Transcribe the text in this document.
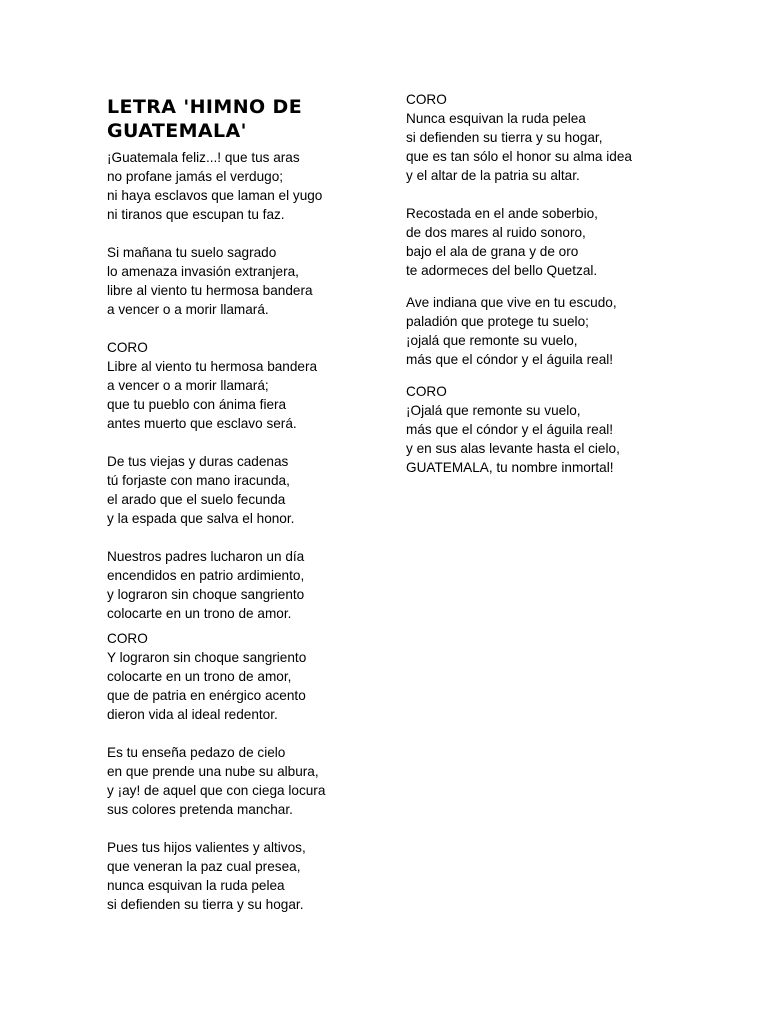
LETRA 'HIMNO DE GUATEMALA'
¡Guatemala feliz...! que tus aras
no profane jamás el verdugo;
ni haya esclavos que laman el yugo
ni tiranos que escupan tu faz.
Si mañana tu suelo sagrado
lo amenaza invasión extranjera,
libre al viento tu hermosa bandera
a vencer o a morir llamará.
CORO
Libre al viento tu hermosa bandera
a vencer o a morir llamará;
que tu pueblo con ánima fiera
antes muerto que esclavo será.
De tus viejas y duras cadenas
tú forjaste con mano iracunda,
el arado que el suelo fecunda
y la espada que salva el honor.
Nuestros padres lucharon un día
encendidos en patrio ardimiento,
y lograron sin choque sangriento
colocarte en un trono de amor.
CORO
Y lograron sin choque sangriento
colocarte en un trono de amor,
que de patria en enérgico acento
dieron vida al ideal redentor.
Es tu enseña pedazo de cielo
en que prende una nube su albura,
y ¡ay! de aquel que con ciega locura
sus colores pretenda manchar.
Pues tus hijos valientes y altivos,
que veneran la paz cual presea,
nunca esquivan la ruda pelea
si defienden su tierra y su hogar.
CORO
Nunca esquivan la ruda pelea
si defienden su tierra y su hogar,
que es tan sólo el honor su alma idea
y el altar de la patria su altar.
Recostada en el ande soberbio,
de dos mares al ruido sonoro,
bajo el ala de grana y de oro
te adormeces del bello Quetzal.
Ave indiana que vive en tu escudo,
paladión que protege tu suelo;
¡ojalá que remonte su vuelo,
más que el cóndor y el águila real!
CORO
¡Ojalá que remonte su vuelo,
más que el cóndor y el águila real!
y en sus alas levante hasta el cielo,
GUATEMALA, tu nombre inmortal!
